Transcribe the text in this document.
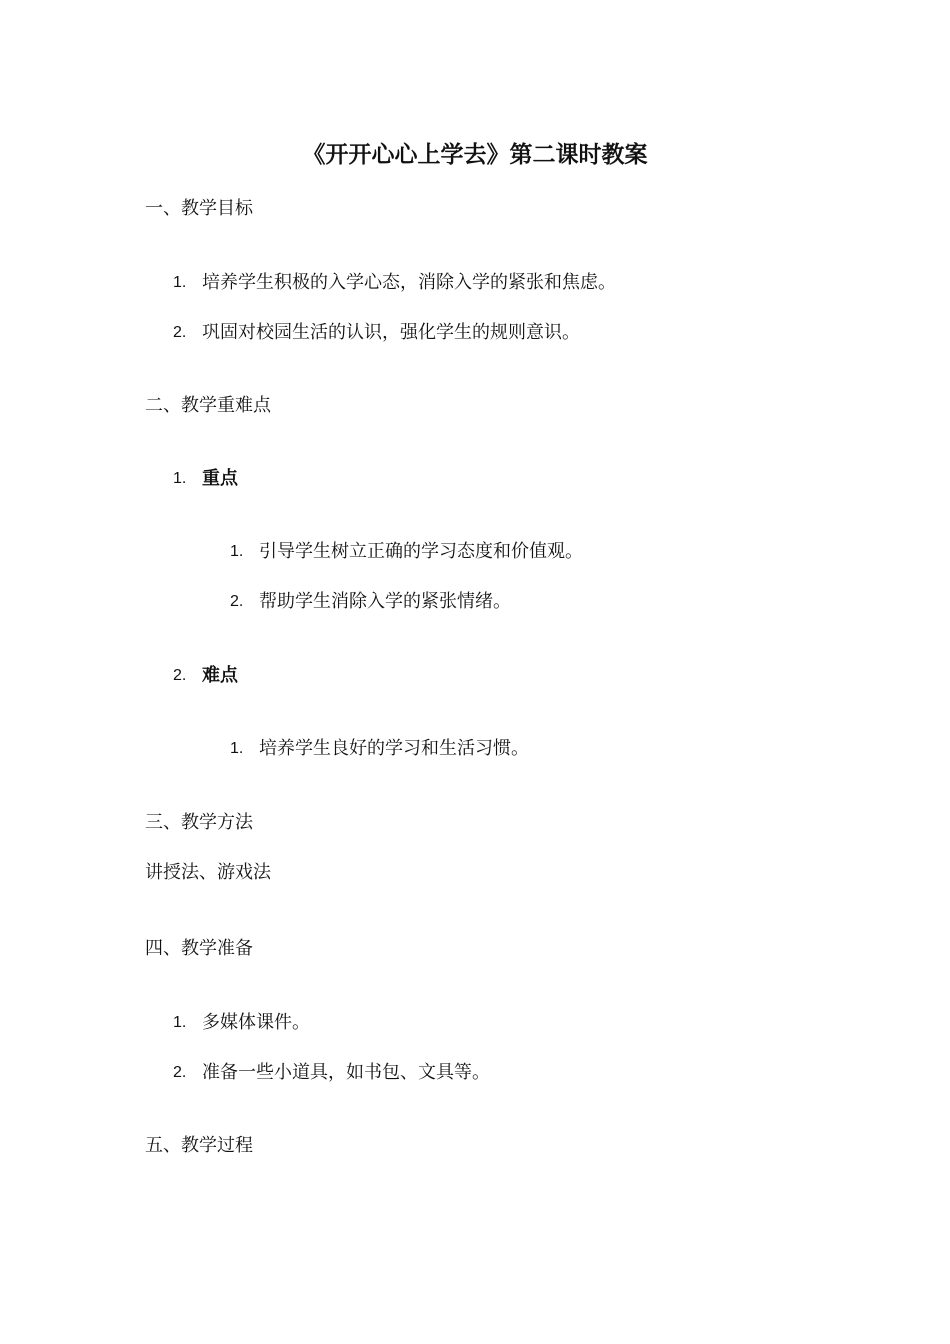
《开开心心上学去》第二课时教案

一、教学目标

1. 培养学生积极的入学心态，消除入学的紧张和焦虑。
2. 巩固对校园生活的认识，强化学生的规则意识。

二、教学重难点

1. 重点
1. 引导学生树立正确的学习态度和价值观。
2. 帮助学生消除入学的紧张情绪。
2. 难点
1. 培养学生良好的学习和生活习惯。

三、教学方法

讲授法、游戏法

四、教学准备

1. 多媒体课件。
2. 准备一些小道具，如书包、文具等。

五、教学过程
